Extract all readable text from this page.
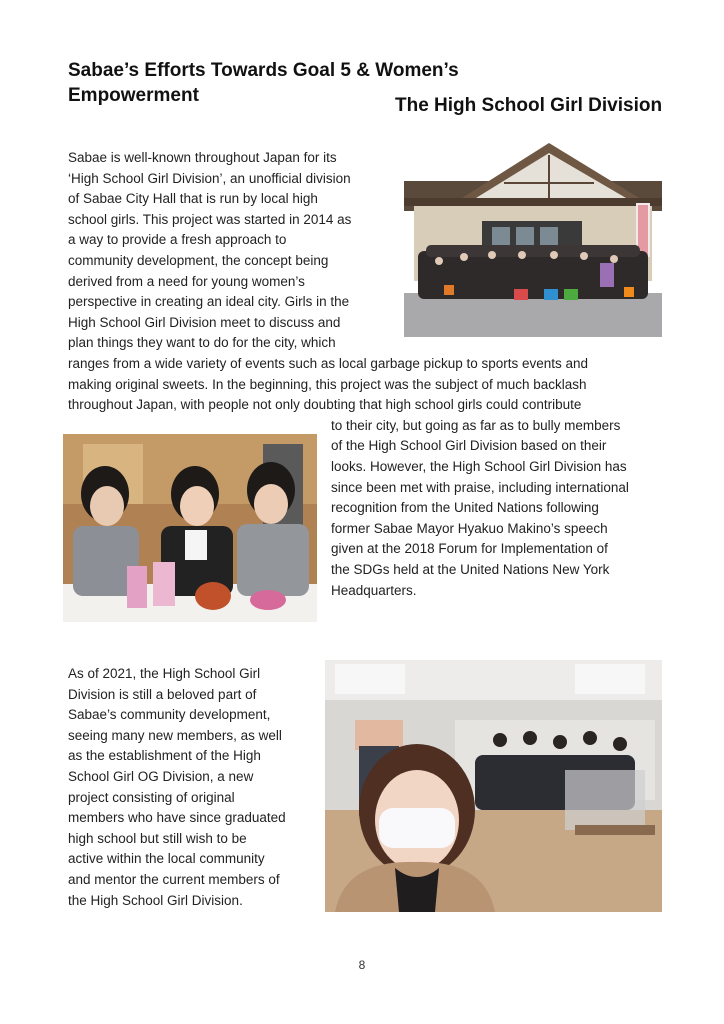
Sabae’s Efforts Towards Goal 5 & Women’s Empowerment	The High School Girl Division

Sabae is well-known throughout Japan for its

‘High School Girl Division’, an unofficial division

of Sabae City Hall that is run by local high

school girls. This project was started in 2014 as

a way to provide a fresh approach to

community development, the concept being

derived from a need for young women’s

perspective in creating an ideal city. Girls in the

High School Girl Division meet to discuss and

plan things they want to do for the city, which

ranges from a wide variety of events such as local garbage pickup to sports events and

making original sweets. In the beginning, this project was the subject of much backlash

throughout Japan, with people not only doubting that high school girls could contribute

to their city, but going as far as to bully members

of the High School Girl Division based on their

looks. However, the High School Girl Division has

since been met with praise, including international

recognition from the United Nations following

former Sabae Mayor Hyakuo Makino’s speech

given at the 2018 Forum for Implementation of

the SDGs held at the United Nations New York

Headquarters.

As of 2021, the High School Girl

Division is still a beloved part of

Sabae’s community development,

seeing many new members, as well

as the establishment of the High

School Girl OG Division, a new

project consisting of original

members who have since graduated

high school but still wish to be

active within the local community

and mentor the current members of

the High School Girl Division.

8
